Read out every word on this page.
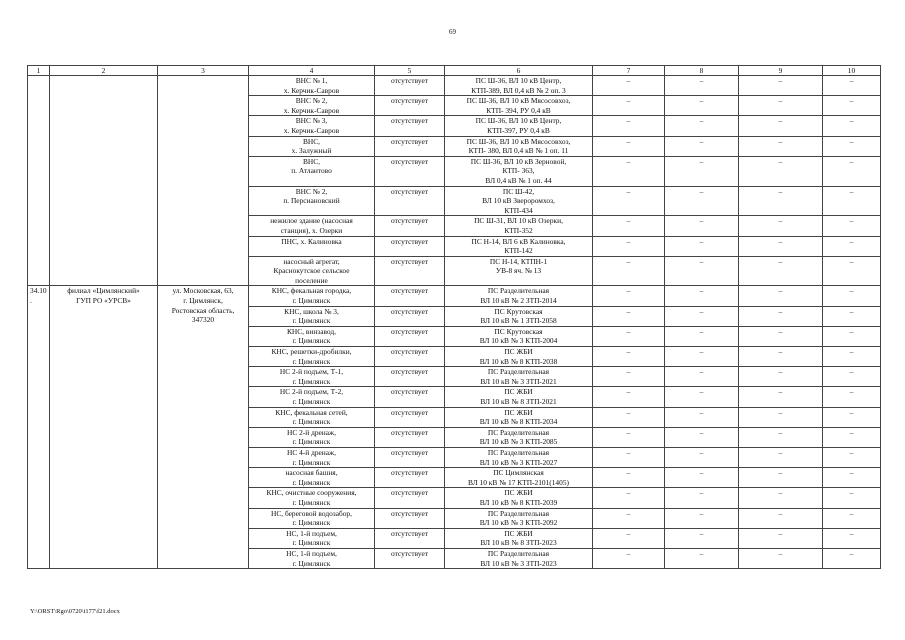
69
1	2	3	4	5	6	7	8	9	10

			ВНС № 1,
х. Керчик-Савров	отсутствует	ПС Ш-36, ВЛ 10 кВ Центр,
КТП-389, ВЛ 0,4 кВ № 2 оп. 3	–	–	–	–

			ВНС № 2,
х. Керчик-Савров	отсутствует	ПС Ш-36, ВЛ 10 кВ Мясосовхоз,
КТП- 394, РУ 0,4 кВ	–	–	–	–

			ВНС № 3,
х. Керчик-Савров	отсутствует	ПС Ш-36, ВЛ 10 кВ Центр,
КТП-397, РУ 0,4 кВ	–	–	–	–

			ВНС,
х. Залужный	отсутствует	ПС Ш-36, ВЛ 10 кВ Мясосовхоз,
КТП- 380, ВЛ 0,4 кВ № 1 оп. 11	–	–	–	–

			ВНС,
п. Атлантово	отсутствует	ПС Ш-36, ВЛ 10 кВ Зерновой,
КТП- 363,
ВЛ 0,4 кВ № 1 оп. 44	–	–	–	–

			ВНС № 2,
п. Персиановский	отсутствует	ПС Ш-42,
ВЛ 10 кВ Звероромхоз,
КТП-434	–	–	–	–

			нежилое здание (насосная
станция), х. Озерки	отсутствует	ПС Ш-31, ВЛ 10 кВ Озерки,
КТП-352	–	–	–	–

			ПНС, х. Калиновка	отсутствует	ПС Н-14, ВЛ 6 кВ Калиновка,
КТП-142	–	–	–	–

			насосный агрегат,
Краснокутское сельское
поселение	отсутствует	ПС Н-14, КТПН-1
УВ-8 яч. № 13	–	–	–	–
34.10.	филиал «Цимлянский»
ГУП РО «УРСВ»	ул. Московская, 63,
г. Цимлянск,
Ростовская область,
347320	КНС, фекальная городка,
г. Цимлянск	отсутствует	ПС Разделительная
ВЛ 10 кВ № 2 ЗТП-2014	–	–	–	–

			КНС, школа № 3,
г. Цимлянск	отсутствует	ПС Крутовская
ВЛ 10 кВ № 1 ЗТП-2058	–	–	–	–

			КНС, винзавод,
г. Цимлянск	отсутствует	ПС Крутовская
ВЛ 10 кВ № 3 КТП-2004	–	–	–	–

			КНС, решетки-дробилки,
г. Цимлянск	отсутствует	ПС ЖБИ
ВЛ 10 кВ № 8 КТП-2038	–	–	–	–

			НС 2-й подъем, Т-1,
г. Цимлянск	отсутствует	ПС Разделительная
ВЛ 10 кВ № 3 ЗТП-2021	–	–	–	–

			НС 2-й подъем, Т-2,
г. Цимлянск	отсутствует	ПС ЖБИ
ВЛ 10 кВ № 8 ЗТП-2021	–	–	–	–

			КНС, фекальная сетей,
г. Цимлянск	отсутствует	ПС ЖБИ
ВЛ 10 кВ № 8 КТП-2034	–	–	–	–

			НС 2-й дренаж,
г. Цимлянск	отсутствует	ПС Разделительная
ВЛ 10 кВ № 3 КТП-2085	–	–	–	–

			НС 4-й дренаж,
г. Цимлянск	отсутствует	ПС Разделительная
ВЛ 10 кВ № 3 КТП-2027	–	–	–	–

			насосная башня,
г. Цимлянск	отсутствует	ПС Цимлянская
ВЛ 10 кВ № 17 КТП-2101(1405)	–	–	–	–

			КНС, очистные сооружения,
г. Цимлянск	отсутствует	ПС ЖБИ
ВЛ 10 кВ № 8 КТП-2039	–	–	–	–

			НС, береговой водозабор,
г. Цимлянск	отсутствует	ПС Разделительная
ВЛ 10 кВ № 3 КТП-2092	–	–	–	–

			НС, 1-й подъем,
г. Цимлянск	отсутствует	ПС ЖБИ
ВЛ 10 кВ № 8 ЗТП-2023	–	–	–	–

			НС, 1-й подъем,
г. Цимлянск	отсутствует	ПС Разделительная
ВЛ 10 кВ № 3 ЗТП-2023	–	–	–	–
Y:\ORST\Rgo\0720\t177\f21.docx
